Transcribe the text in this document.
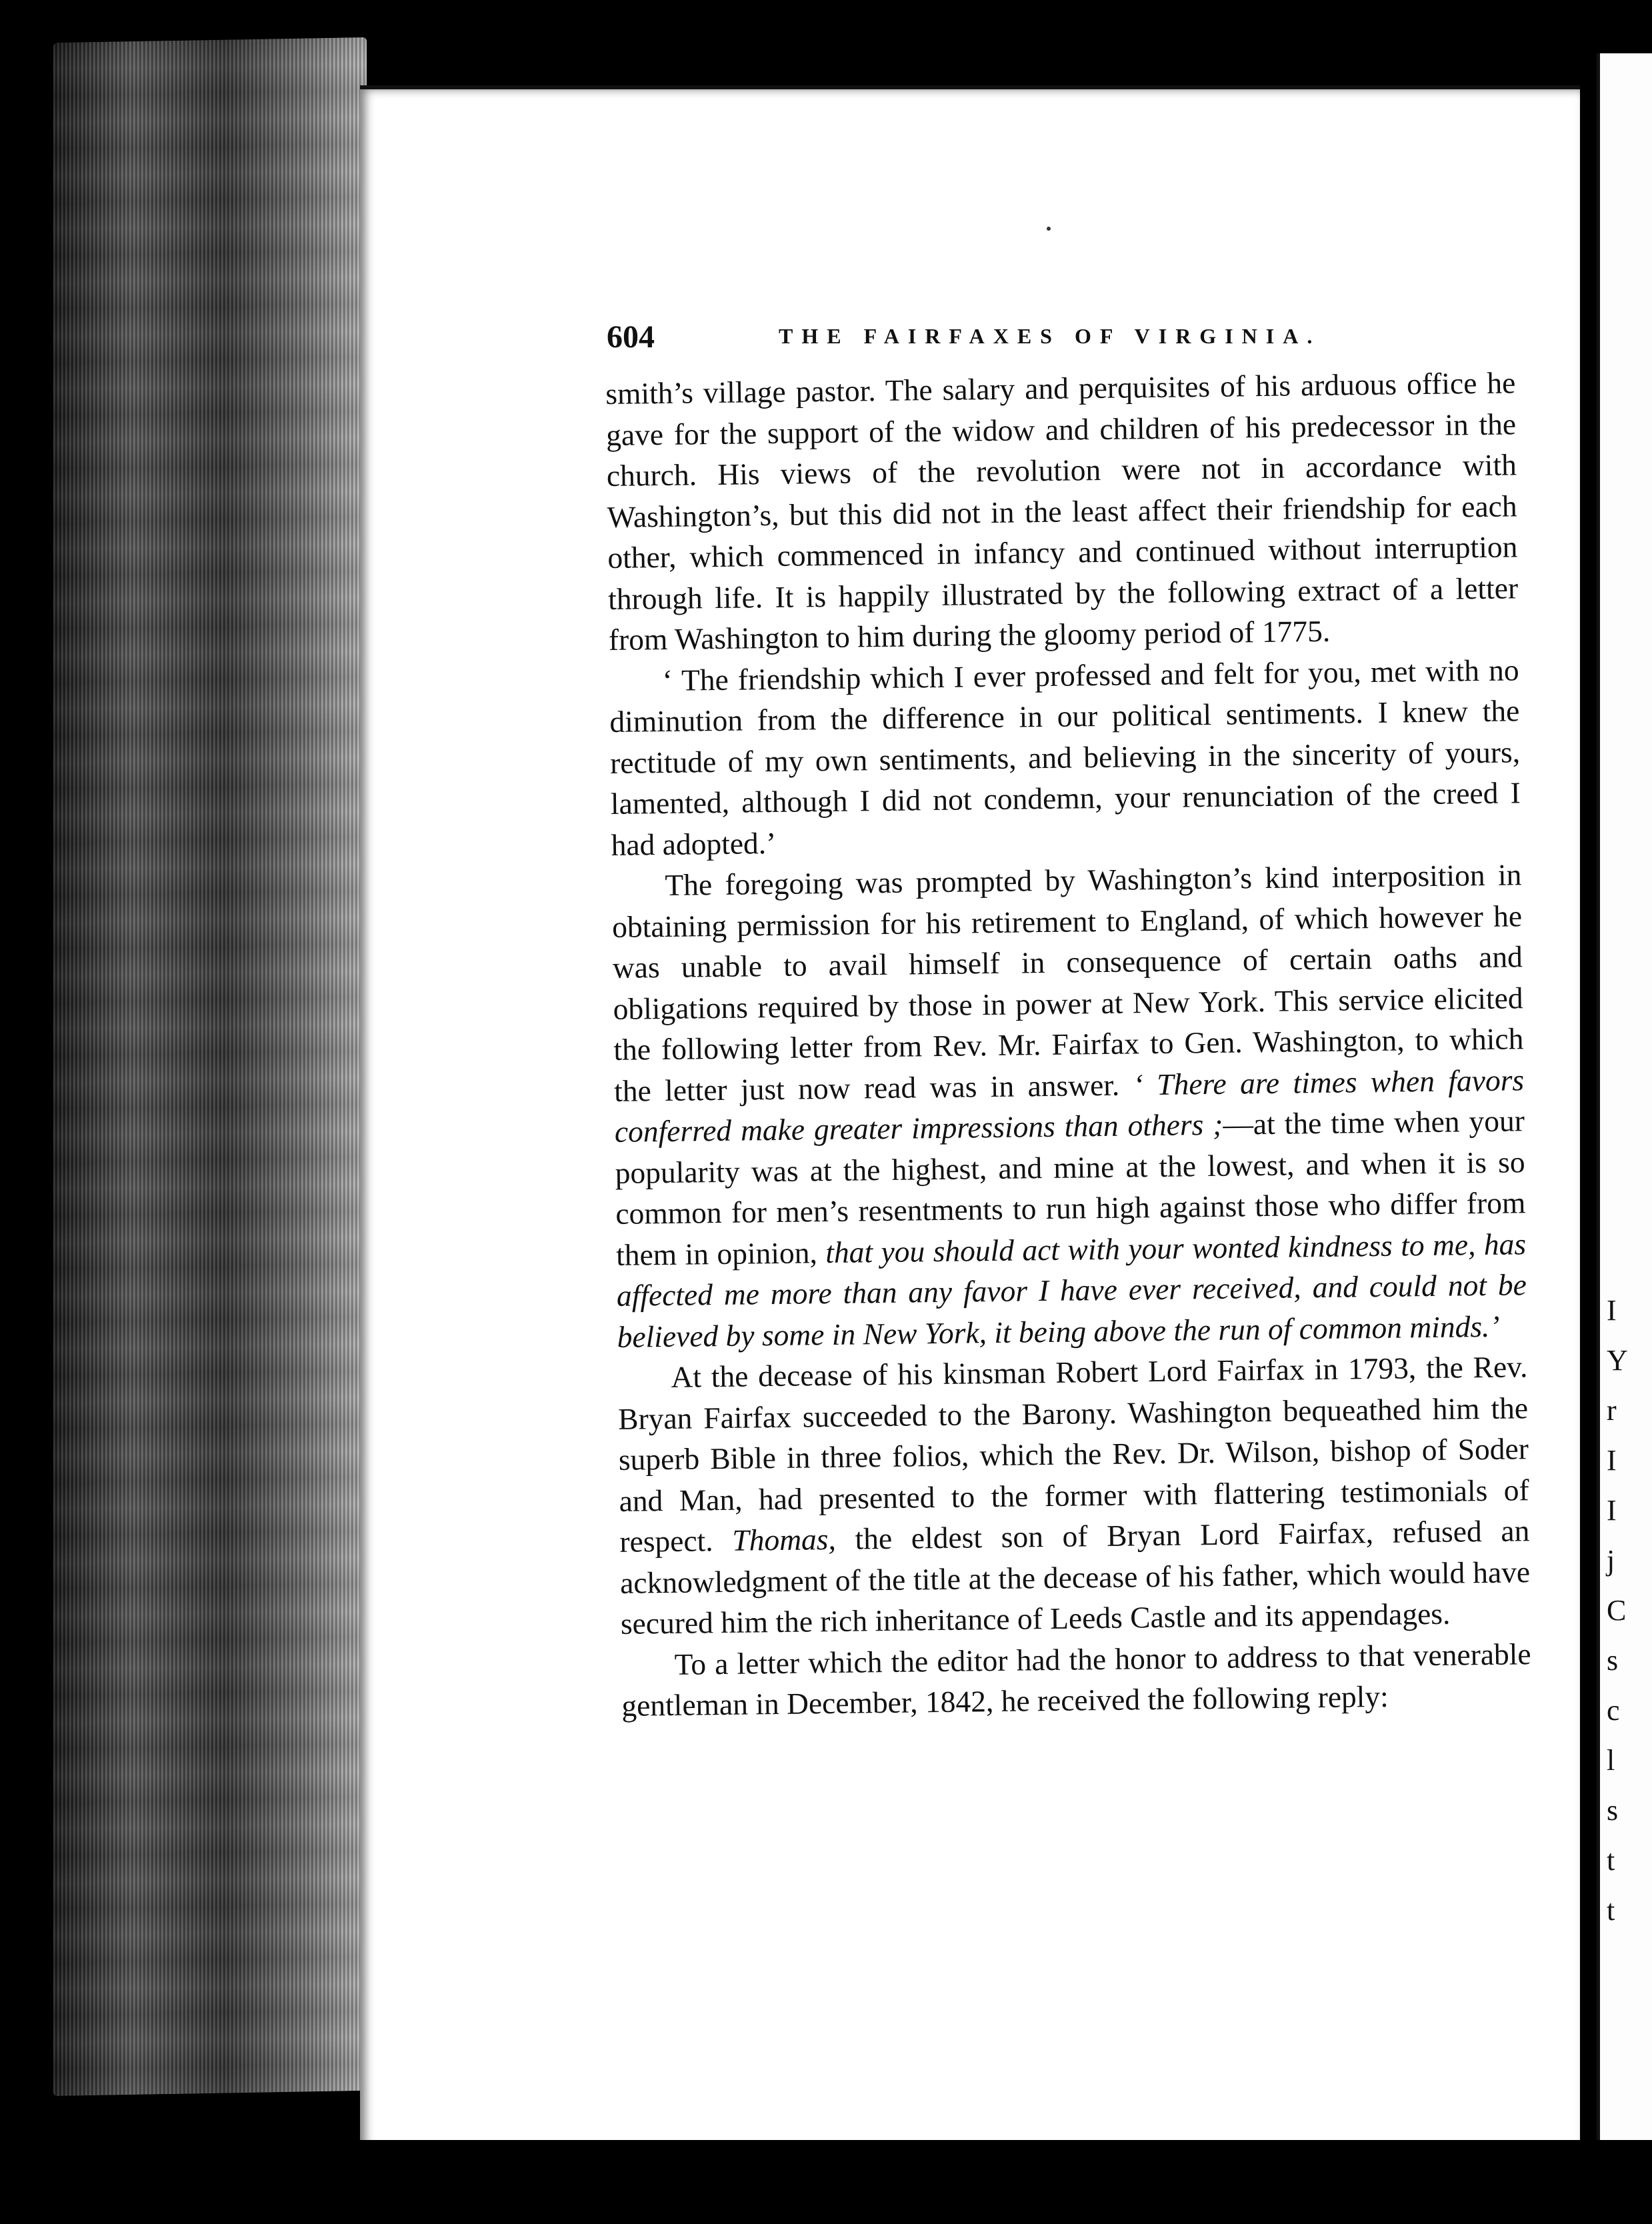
I
Y
r
I
I
j
C
s
c
l
s
t
t
604	THE FAIRFAXES OF VIRGINIA.

smith’s village pastor. The salary and perquisites of his arduous office he gave for the support of the widow and children of his predecessor in the church. His views of the revolution were not in accordance with Washington’s, but this did not in the least affect their friendship for each other, which commenced in infancy and continued without interruption through life. It is happily illustrated by the following extract of a letter from Washington to him during the gloomy period of 1775.

‘ The friendship which I ever professed and felt for you, met with no diminution from the difference in our political sentiments. I knew the rectitude of my own sentiments, and believing in the sincerity of yours, lamented, although I did not condemn, your renunciation of the creed I had adopted.’

The foregoing was prompted by Washington’s kind interposition in obtaining permission for his retirement to England, of which however he was unable to avail himself in consequence of certain oaths and obligations required by those in power at New York. This service elicited the following letter from Rev. Mr. Fairfax to Gen. Washington, to which the letter just now read was in answer. ‘ There are times when favors conferred make greater impressions than others ;—at the time when your popularity was at the highest, and mine at the lowest, and when it is so common for men’s resentments to run high against those who differ from them in opinion, that you should act with your wonted kindness to me, has affected me more than any favor I have ever received, and could not be believed by some in New York, it being above the run of common minds.’

At the decease of his kinsman Robert Lord Fairfax in 1793, the Rev. Bryan Fairfax succeeded to the Barony. Washington bequeathed him the superb Bible in three folios, which the Rev. Dr. Wilson, bishop of Soder and Man, had presented to the former with flattering testimonials of respect. Thomas, the eldest son of Bryan Lord Fairfax, refused an acknowledgment of the title at the decease of his father, which would have secured him the rich inheritance of Leeds Castle and its appendages.

To a letter which the editor had the honor to address to that venerable gentleman in December, 1842, he received the following reply:
